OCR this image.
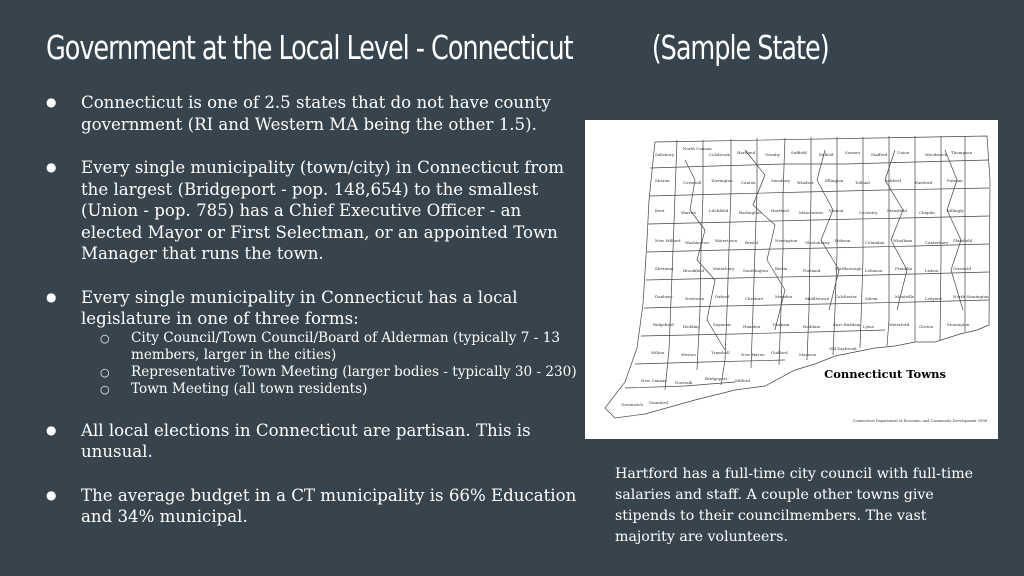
Government at the Local Level - Connecticut (Sample State)
● Connecticut is one of 2.5 states that do not have county government (RI and Western MA being the other 1.5).
● Every single municipality (town/city) in Connecticut from the largest (Bridgeport - pop. 148,654) to the smallest (Union - pop. 785) has a Chief Executive Officer - an elected Mayor or First Selectman, or an appointed Town Manager that runs the town.
● Every single municipality in Connecticut has a local legislature in one of three forms:
○ City Council/Town Council/Board of Alderman (typically 7 - 13 members, larger in the cities)
○ Representative Town Meeting (larger bodies - typically 30 - 230)
○ Town Meeting (all town residents)
● All local elections in Connecticut are partisan. This is unusual.
● The average budget in a CT municipality is 66% Education and 34% municipal.
Salisbury
North Canaan
Colebrook Hartland Granby	Suffield	Enfield	Somers	Stafford Union	Woodstock Thompson
Sharon	Cornwall Torrington Canton	Simsbury Windsor	Ellington	Tolland	Ashford	Eastford	Putnam
Kent	Warren	Litchfield	Burlington	Hartford	Manchester Vernon	Coventry Mansfield	Chaplin	Killingly
New Milford Washington Watertown Bristol	Newington Glastonbury Hebron	Columbia Windham	Canterbury Plainfield
Sherman Brookfield Waterbury Southington Berlin	Portland	Marlborough Lebanon	Franklin	Lisbon	Griswold
Danbury	Newtown	Oxford	Cheshire	Meriden	Middletown Colchester Salem	Montville	Ledyard	North Stonington
Ridgefield Redding	Seymour	Hamden	Durham	Haddam	East Haddam Lyme	Waterford Groton	Stonington
Wilton	Weston	Trumbull	New Haven Guilford	Madison
Old Saybrook
New Canaan Norwalk
Bridgeport Milford
Greenwich Stamford
Connecticut Towns
Connecticut Department of Economic and Community Development 1996
Hartford has a full-time city council with full-time salaries and staff. A couple other towns give stipends to their councilmembers. The vast majority are volunteers.
